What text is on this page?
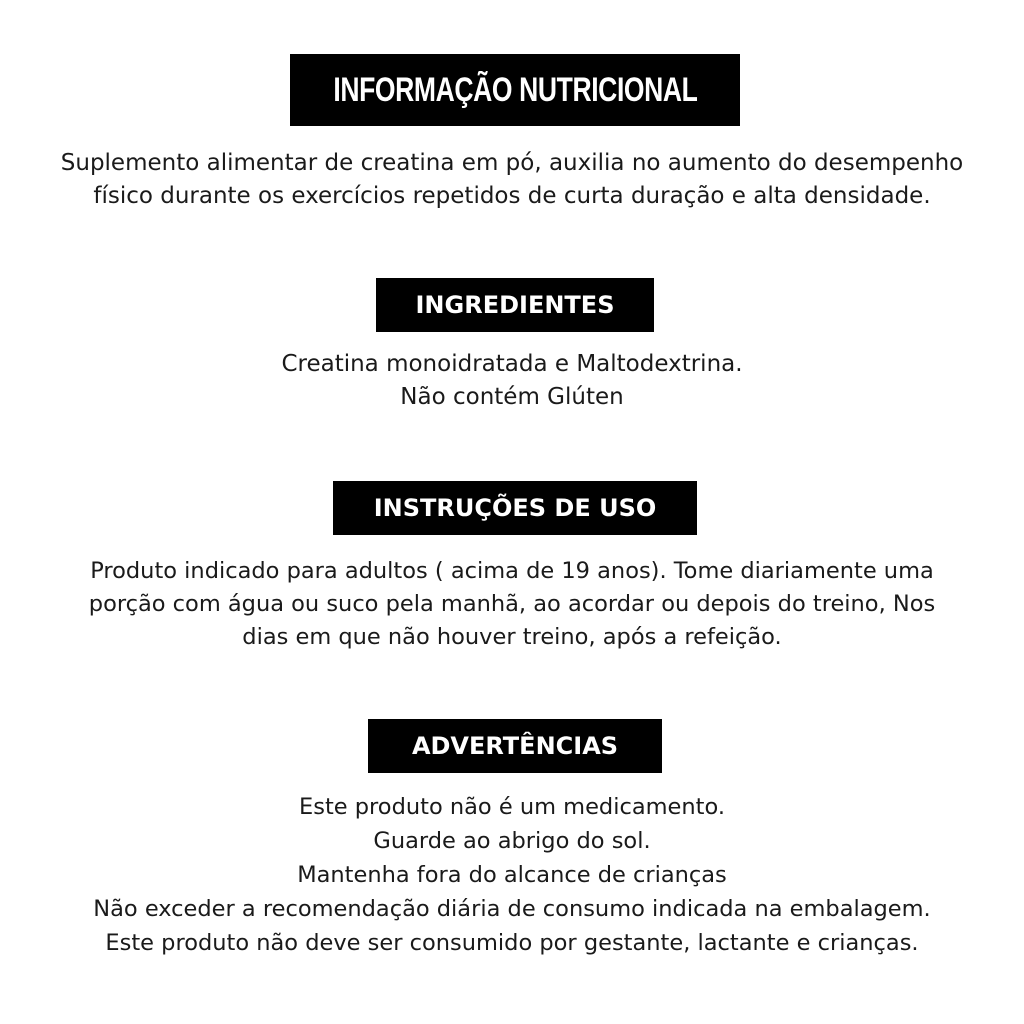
INFORMAÇÃO NUTRICIONAL
Suplemento alimentar de creatina em pó, auxilia no aumento do desempenho
físico durante os exercícios repetidos de curta duração e alta densidade.
INGREDIENTES
Creatina monoidratada e Maltodextrina.
Não contém Glúten
INSTRUÇÕES DE USO
Produto indicado para adultos ( acima de 19 anos). Tome diariamente uma
porção com água ou suco pela manhã, ao acordar ou depois do treino, Nos
dias em que não houver treino, após a refeição.
ADVERTÊNCIAS
Este produto não é um medicamento.
Guarde ao abrigo do sol.
Mantenha fora do alcance de crianças
Não exceder a recomendação diária de consumo indicada na embalagem.
Este produto não deve ser consumido por gestante, lactante e crianças.
